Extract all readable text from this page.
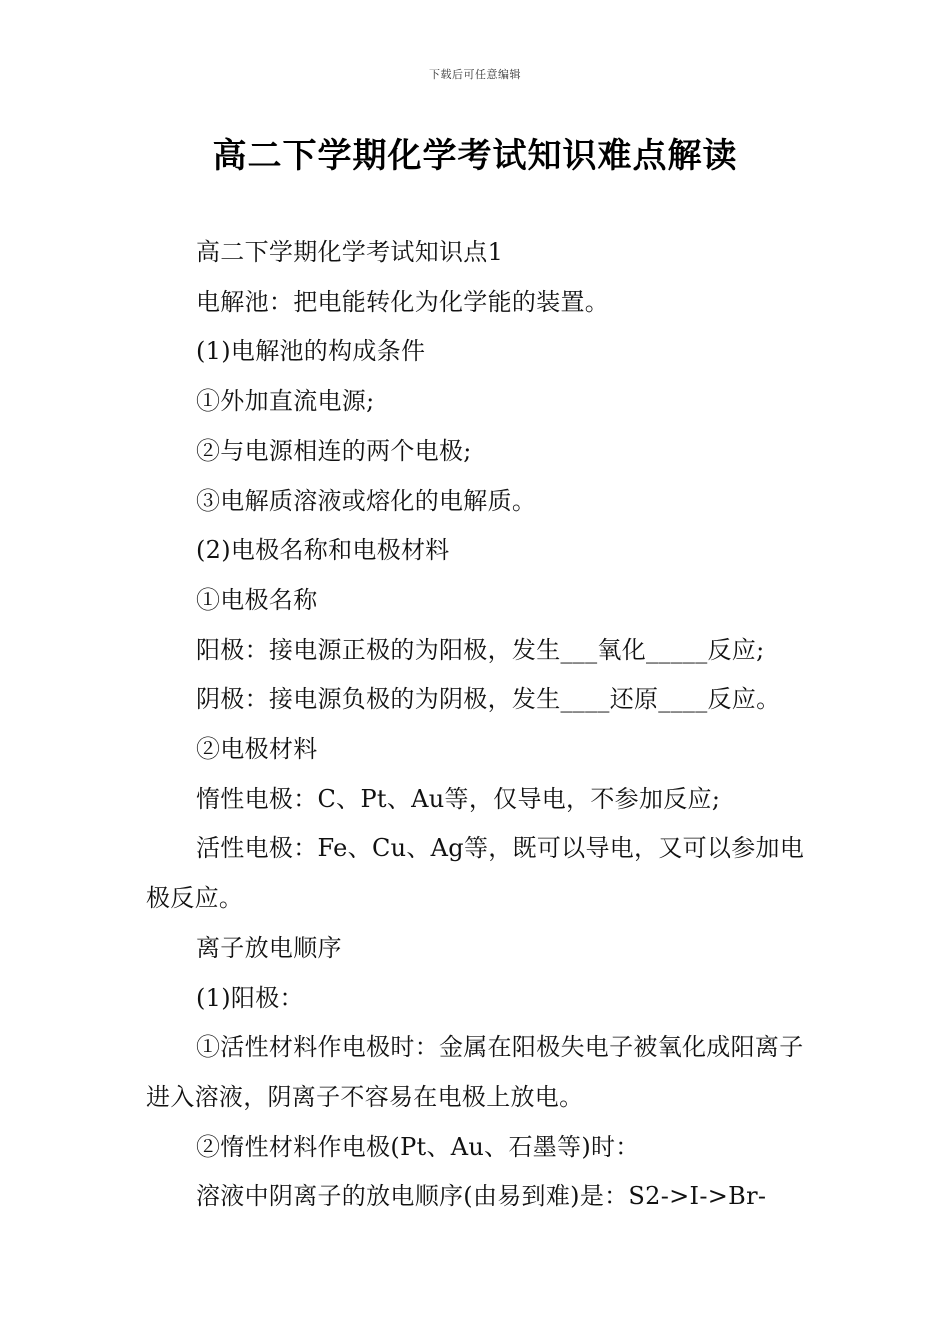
下载后可任意编辑
高二下学期化学考试知识难点解读

高二下学期化学考试知识点1

电解池：把电能转化为化学能的装置。

(1)电解池的构成条件

①外加直流电源;

②与电源相连的两个电极;

③电解质溶液或熔化的电解质。

(2)电极名称和电极材料

①电极名称

阳极：接电源正极的为阳极，发生___氧化_____反应;

阴极：接电源负极的为阴极，发生____还原____反应。

②电极材料

惰性电极：C、Pt、Au等，仅导电，不参加反应;

活性电极：Fe、Cu、Ag等，既可以导电，又可以参加电极反应。

离子放电顺序

(1)阳极：

①活性材料作电极时：金属在阳极失电子被氧化成阳离子进入溶液，阴离子不容易在电极上放电。

②惰性材料作电极(Pt、Au、石墨等)时：

溶液中阴离子的放电顺序(由易到难)是：S2->I->Br-
